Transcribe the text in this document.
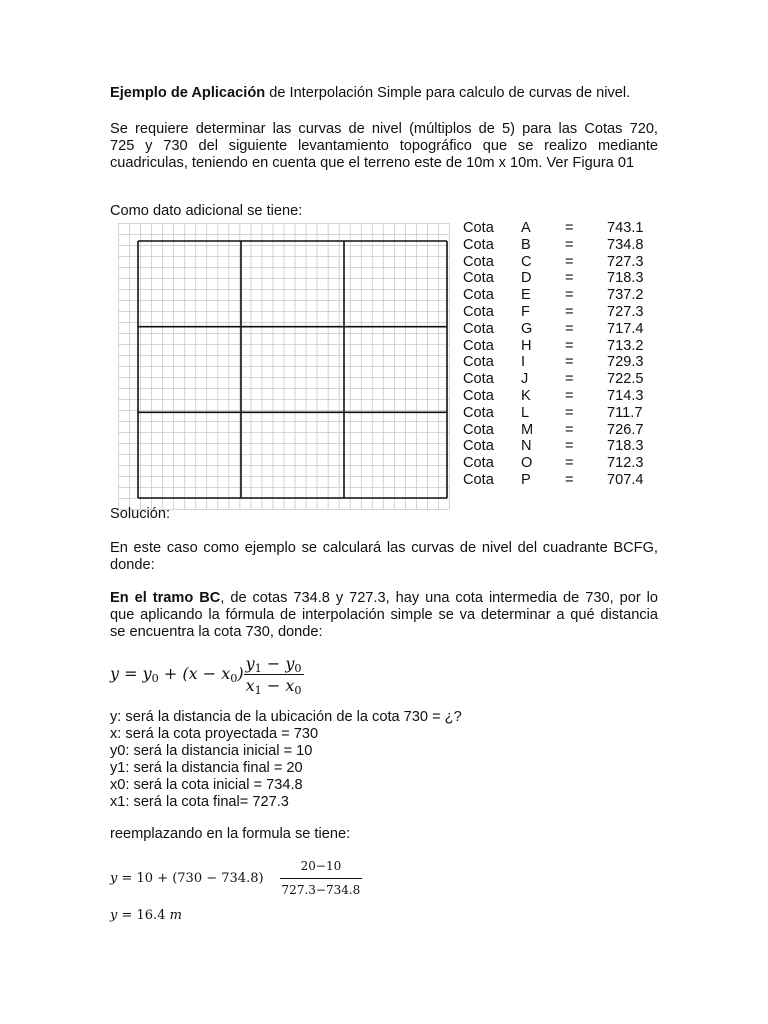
Ejemplo de Aplicación de Interpolación Simple para calculo de curvas de nivel.

Se requiere determinar las curvas de nivel (múltiplos de 5) para las Cotas 720,
725 y 730 del siguiente levantamiento topográfico que se realizo mediante
cuadriculas, teniendo en cuenta que el terreno este de 10m x 10m. Ver Figura 01

Como dato adicional se tiene:

Cota	A	=	743.1
Cota	B	=	734.8
Cota	C	=	727.3
Cota	D	=	718.3
Cota	E	=	737.2
Cota	F	=	727.3
Cota	G	=	717.4
Cota	H	=	713.2
Cota	I	=	729.3
Cota	J	=	722.5
Cota	K	=	714.3
Cota	L	=	711.7
Cota	M	=	726.7
Cota	N	=	718.3
Cota	O	=	712.3
Cota	P	=	707.4

Solución:

En este caso como ejemplo se calculará las curvas de nivel del cuadrante BCFG,
donde:
En el tramo BC, de cotas 734.8 y 727.3, hay una cota intermedia de 730, por lo
que aplicando la fórmula de interpolación simple se va determinar a qué distancia
se encuentra la cota 730, donde:
$y = y_0 + (x - x_0) \frac{y_1 - y_0}{x_1 - x_0}$

y: será la distancia de la ubicación de la cota 730 = ¿?

x: será la cota proyectada = 730

y0: será la distancia inicial = 10

y1: será la distancia final = 20

x0: será la cota inicial = 734.8

x1: será la cota final= 727.3

reemplazando en la formula se tiene:

$y = 10 + (730 - 734.8) \frac{20-10}{727.3-734.8}$
y = 16.4 m
